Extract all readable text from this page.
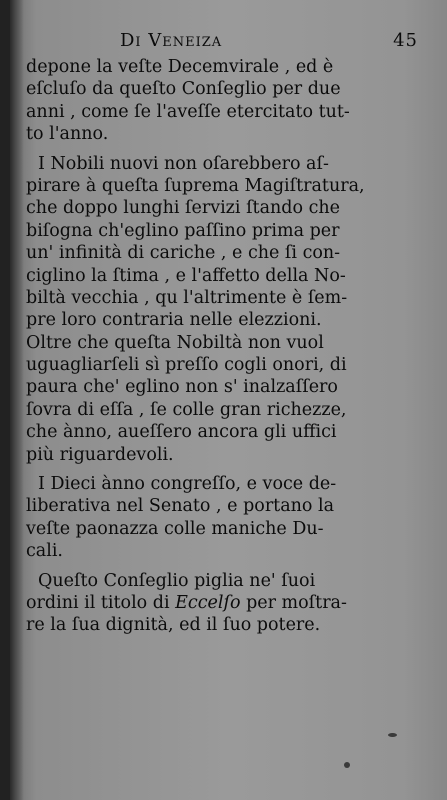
Di Veneiza	45
depone la veſte Decemvirale , ed è
eſcluſo da queſto Conſeglio per due
anni , come ſe l'aveſſe etercitato tut-
to l'anno.
I Nobili nuovi non oſarebbero aſ-
pirare à queſta ſuprema Magiſtratura,
che doppo lunghi ſervizi ſtando che
biſogna ch'eglino paſſino prima per
un' infinità di cariche , e che ſi con-
ciglino la ſtima , e l'affetto della No-
biltà vecchia , qu l'altrimente è ſem-
pre loro contraria nelle elezzioni.
Oltre che queſta Nobiltà non vuol
uguagliarſeli sì preſſo cogli onori, di
paura che' eglino non s' inalzaſſero
ſovra di eſſa , ſe colle gran richezze,
che ànno, aueſſero ancora gli uffici
più riguardevoli.
I Dieci ànno congreſſo, e voce de-
liberativa nel Senato , e portano la
veſte paonazza colle maniche Du-
cali.
Queſto Conſeglio piglia ne' ſuoi
ordini il titolo di Eccelſo per moſtra-
re la ſua dignità, ed il ſuo potere.
